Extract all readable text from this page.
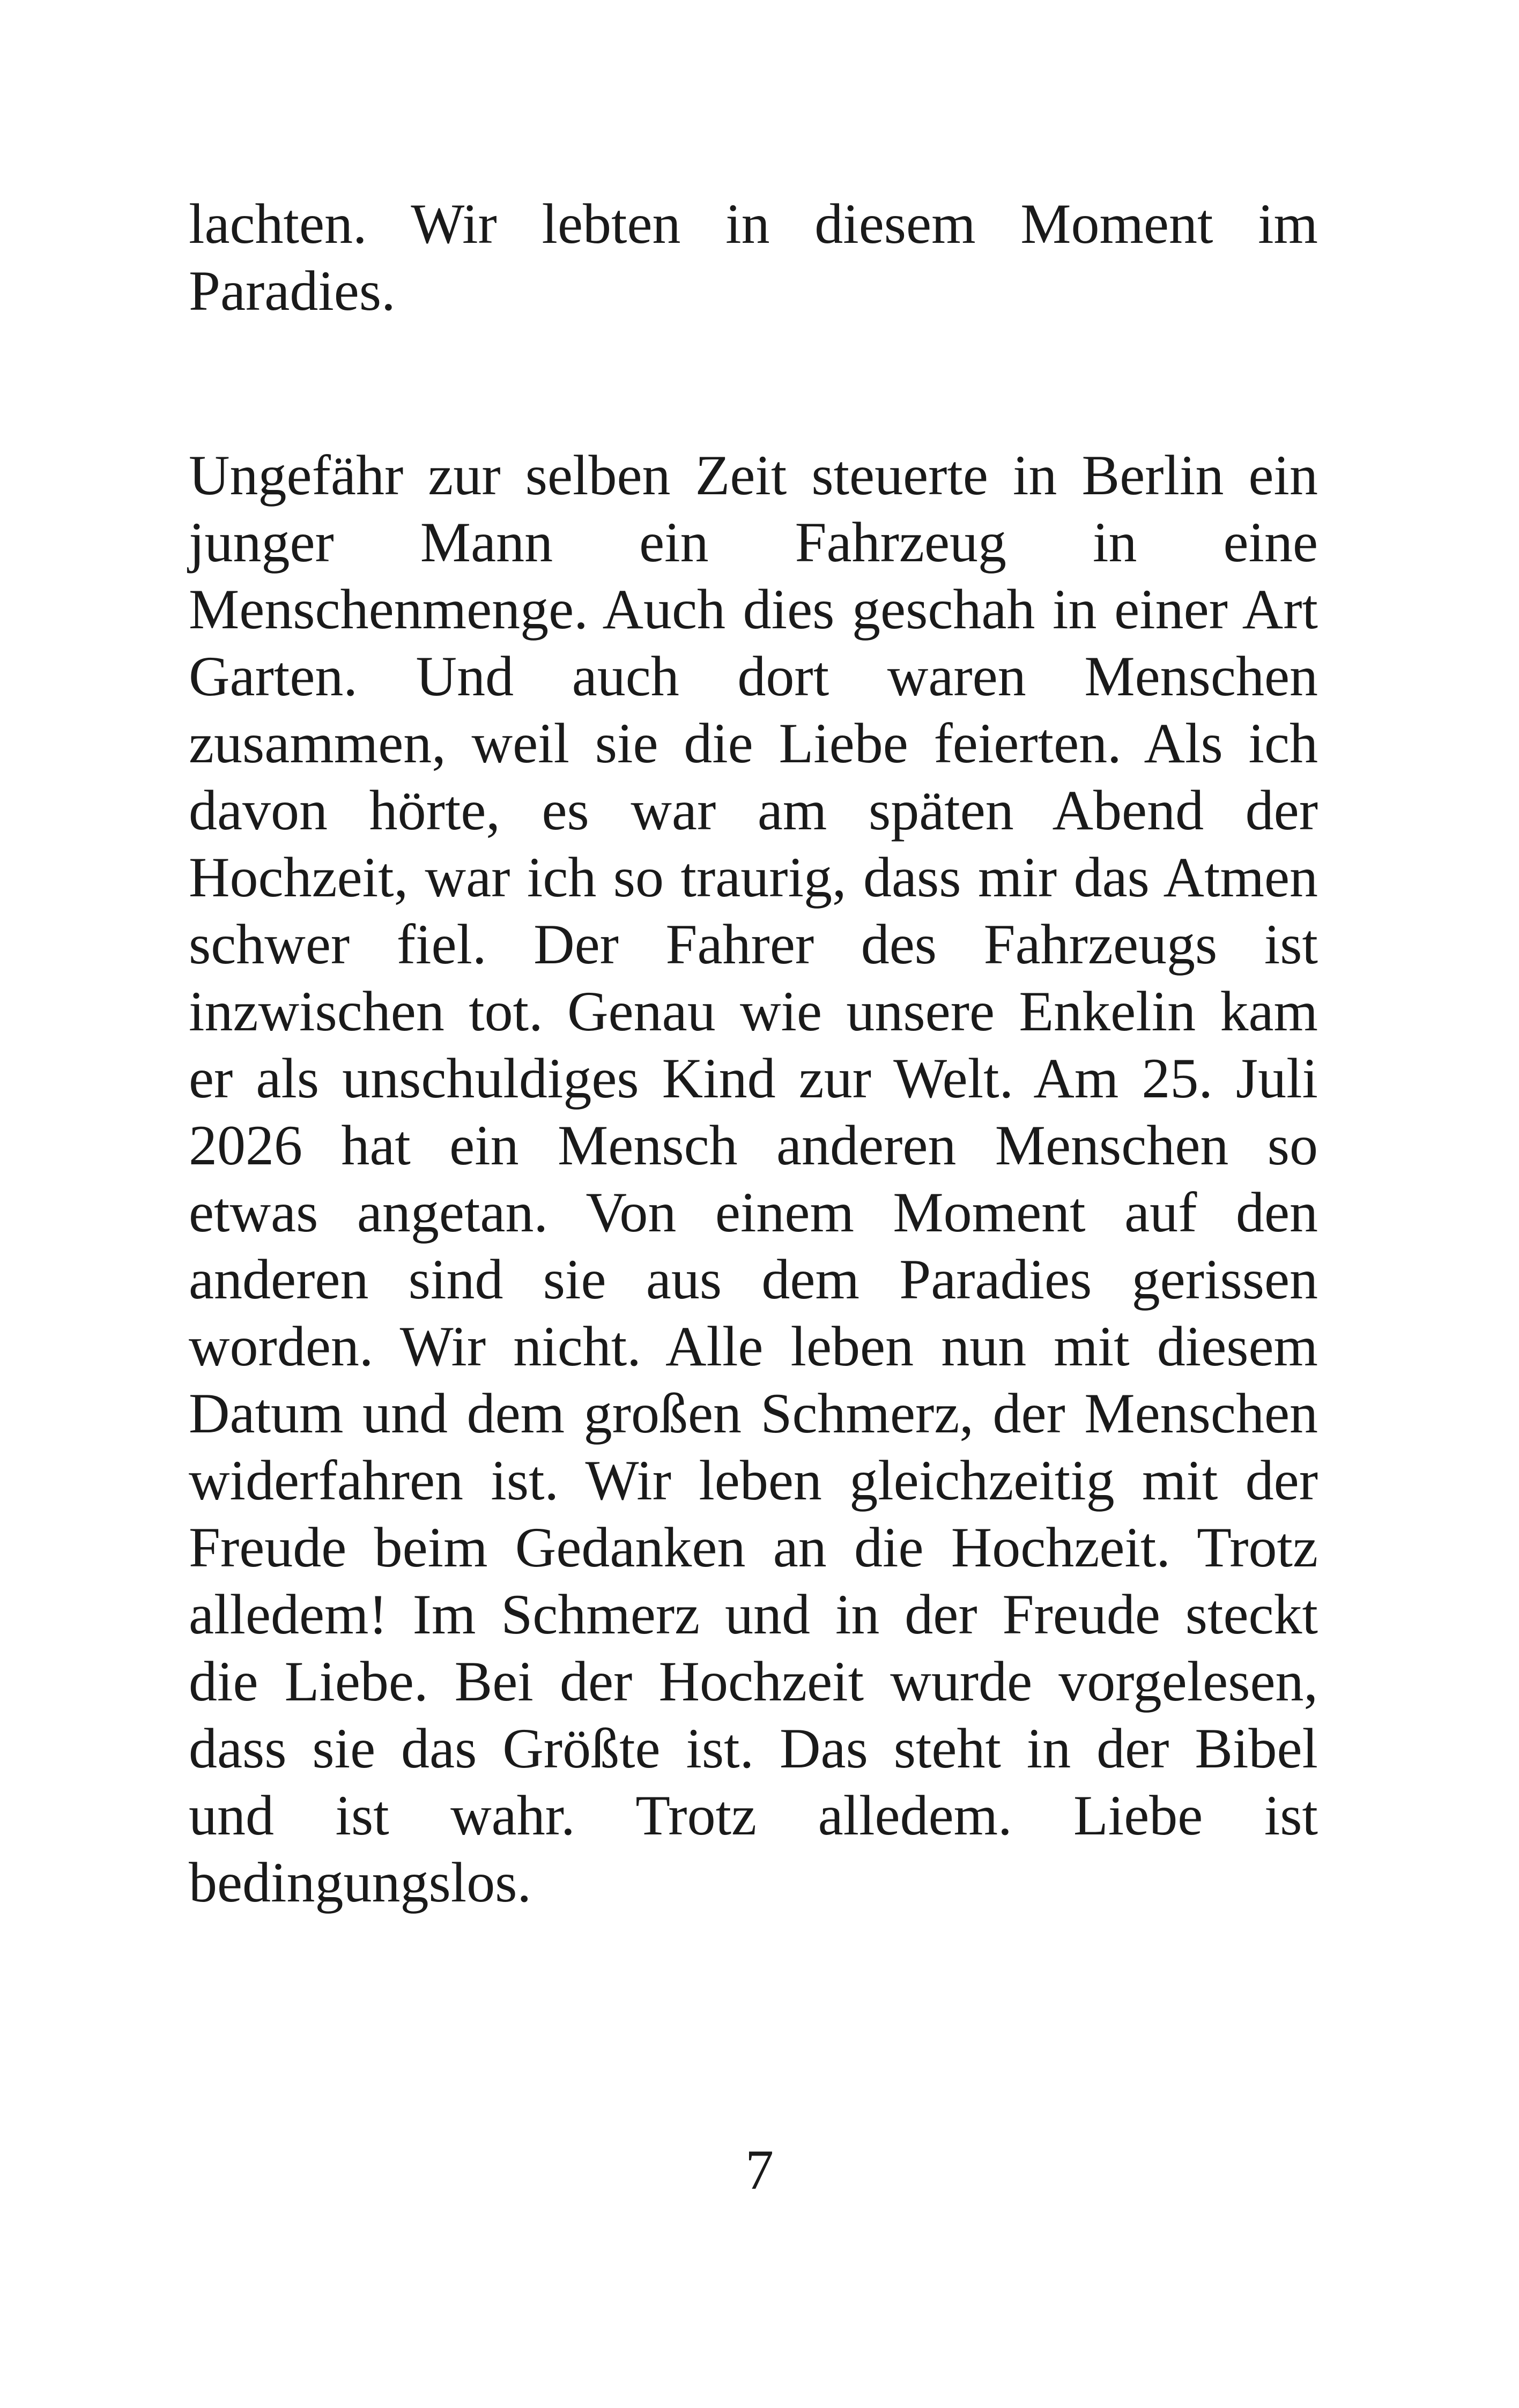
lachten. Wir lebten in diesem Moment im
Paradies.

Ungefähr zur selben Zeit steuerte in Berlin ein
junger Mann ein Fahrzeug in eine
Menschenmenge. Auch dies geschah in einer Art
Garten. Und auch dort waren Menschen
zusammen, weil sie die Liebe feierten. Als ich
davon hörte, es war am späten Abend der
Hochzeit, war ich so traurig, dass mir das Atmen
schwer fiel. Der Fahrer des Fahrzeugs ist
inzwischen tot. Genau wie unsere Enkelin kam
er als unschuldiges Kind zur Welt. Am 25. Juli
2026 hat ein Mensch anderen Menschen so
etwas angetan. Von einem Moment auf den
anderen sind sie aus dem Paradies gerissen
worden. Wir nicht. Alle leben nun mit diesem
Datum und dem großen Schmerz, der Menschen
widerfahren ist. Wir leben gleichzeitig mit der
Freude beim Gedanken an die Hochzeit. Trotz
alledem! Im Schmerz und in der Freude steckt
die Liebe. Bei der Hochzeit wurde vorgelesen,
dass sie das Größte ist. Das steht in der Bibel
und ist wahr. Trotz alledem. Liebe ist
bedingungslos.

7
